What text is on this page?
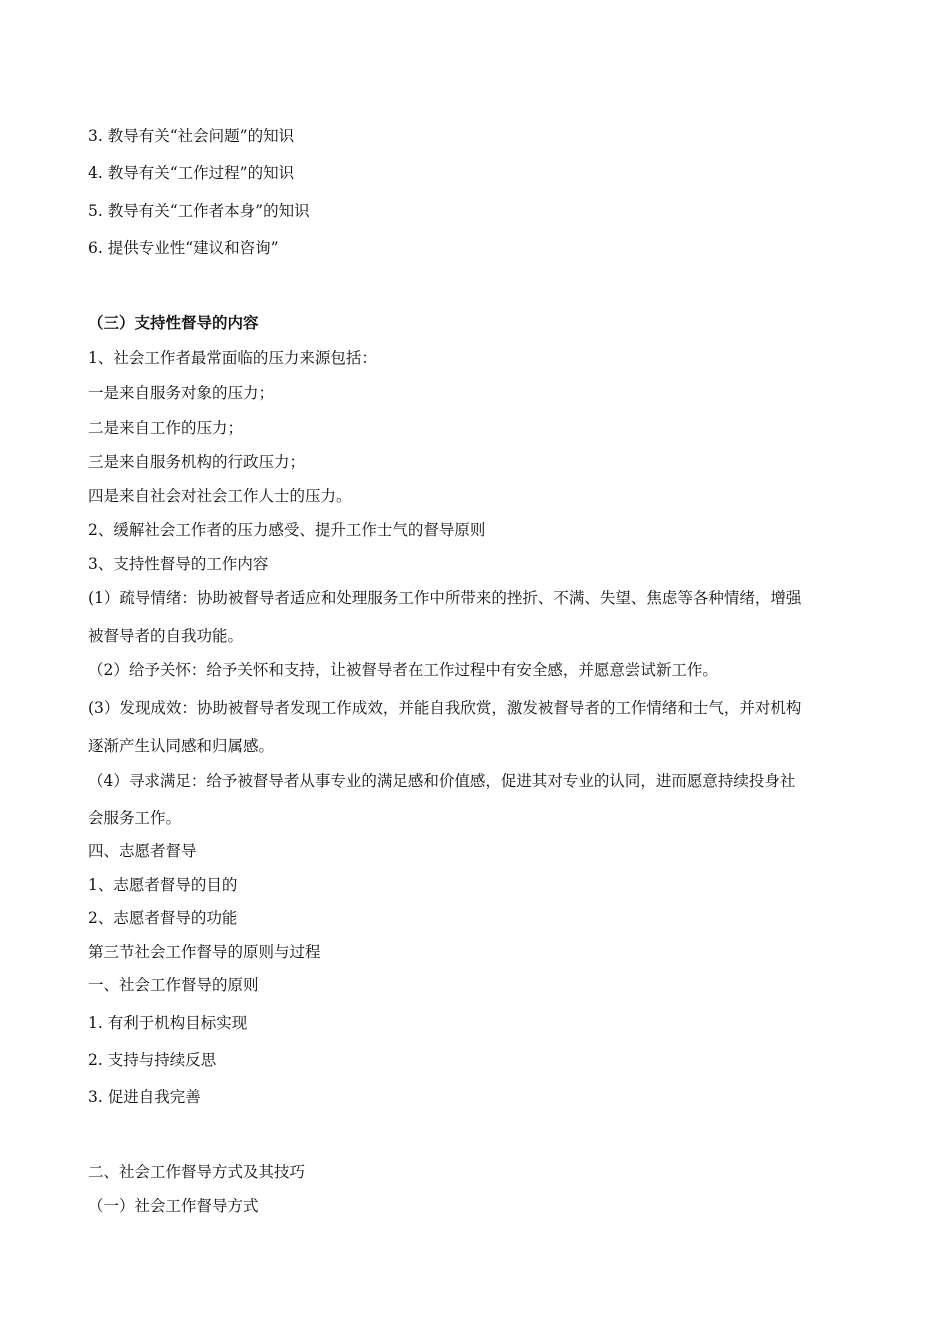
3. 教导有关“社会问题”的知识
4. 教导有关“工作过程”的知识
5. 教导有关“工作者本身”的知识
6. 提供专业性“建议和咨询”
（三）支持性督导的内容
1、社会工作者最常面临的压力来源包括：
一是来自服务对象的压力；
二是来自工作的压力；
三是来自服务机构的行政压力；
四是来自社会对社会工作人士的压力。
2、缓解社会工作者的压力感受、提升工作士气的督导原则
3、支持性督导的工作内容
(1）疏导情绪：协助被督导者适应和处理服务工作中所带来的挫折、不满、失望、焦虑等各种情绪，增强
被督导者的自我功能。
（2）给予关怀：给予关怀和支持，让被督导者在工作过程中有安全感，并愿意尝试新工作。
(3）发现成效：协助被督导者发现工作成效，并能自我欣赏，激发被督导者的工作情绪和士气，并对机构
逐渐产生认同感和归属感。
（4）寻求满足：给予被督导者从事专业的满足感和价值感，促进其对专业的认同，进而愿意持续投身社
会服务工作。
四、志愿者督导
1、志愿者督导的目的
2、志愿者督导的功能
第三节社会工作督导的原则与过程
一、社会工作督导的原则
1. 有利于机构目标实现
2. 支持与持续反思
3. 促进自我完善
二、社会工作督导方式及其技巧
（一）社会工作督导方式
